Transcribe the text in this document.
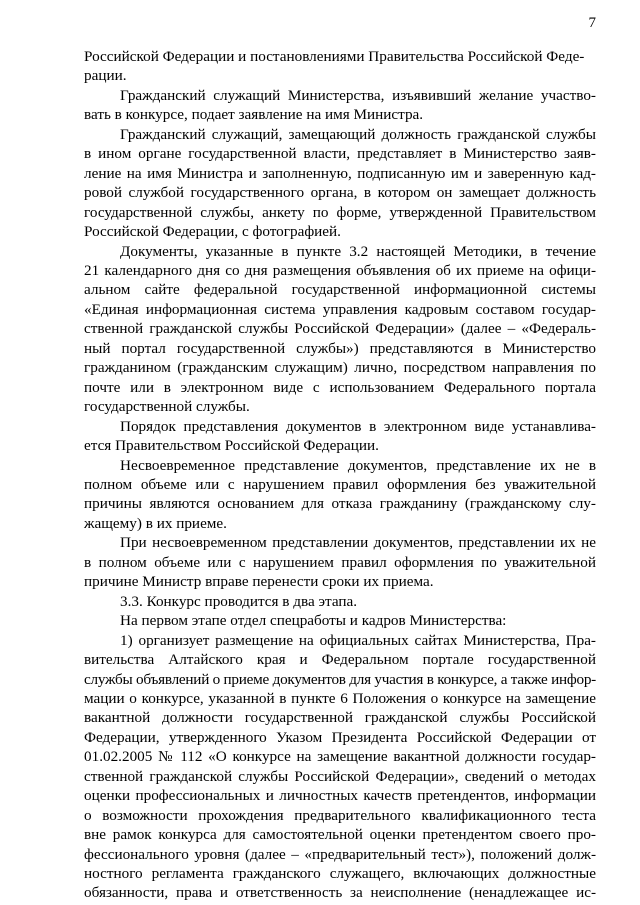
7
Российской Федерации и постановлениями Правительства Российской Феде-
рации.
Гражданский служащий Министерства, изъявивший желание участво-
вать в конкурсе, подает заявление на имя Министра.
Гражданский служащий, замещающий должность гражданской службы
в ином органе государственной власти, представляет в Министерство заяв-
ление на имя Министра и заполненную, подписанную им и заверенную кад-
ровой службой государственного органа, в котором он замещает должность
государственной службы, анкету по форме, утвержденной Правительством
Российской Федерации, с фотографией.
Документы, указанные в пункте 3.2 настоящей Методики, в течение
21 календарного дня со дня размещения объявления об их приеме на офици-
альном сайте федеральной государственной информационной системы
«Единая информационная система управления кадровым составом государ-
ственной гражданской службы Российской Федерации» (далее – «Федераль-
ный портал государственной службы») представляются в Министерство
гражданином (гражданским служащим) лично, посредством направления по
почте или в электронном виде с использованием Федерального портала
государственной службы.
Порядок представления документов в электронном виде устанавлива-
ется Правительством Российской Федерации.
Несвоевременное представление документов, представление их не в
полном объеме или с нарушением правил оформления без уважительной
причины являются основанием для отказа гражданину (гражданскому слу-
жащему) в их приеме.
При несвоевременном представлении документов, представлении их не
в полном объеме или с нарушением правил оформления по уважительной
причине Министр вправе перенести сроки их приема.
3.3. Конкурс проводится в два этапа.
На первом этапе отдел спецработы и кадров Министерства:
1) организует размещение на официальных сайтах Министерства, Пра-
вительства Алтайского края и Федеральном портале государственной
службы объявлений о приеме документов для участия в конкурсе, а также инфор-
мации о конкурсе, указанной в пункте 6 Положения о конкурсе на замещение
вакантной должности государственной гражданской службы Российской
Федерации, утвержденного Указом Президента Российской Федерации от
01.02.2005 № 112 «О конкурсе на замещение вакантной должности государ-
ственной гражданской службы Российской Федерации», сведений о методах
оценки профессиональных и личностных качеств претендентов, информации
о возможности прохождения предварительного квалификационного теста
вне рамок конкурса для самостоятельной оценки претендентом своего про-
фессионального уровня (далее – «предварительный тест»), положений долж-
ностного регламента гражданского служащего, включающих должностные
обязанности, права и ответственность за неисполнение (ненадлежащее ис-
